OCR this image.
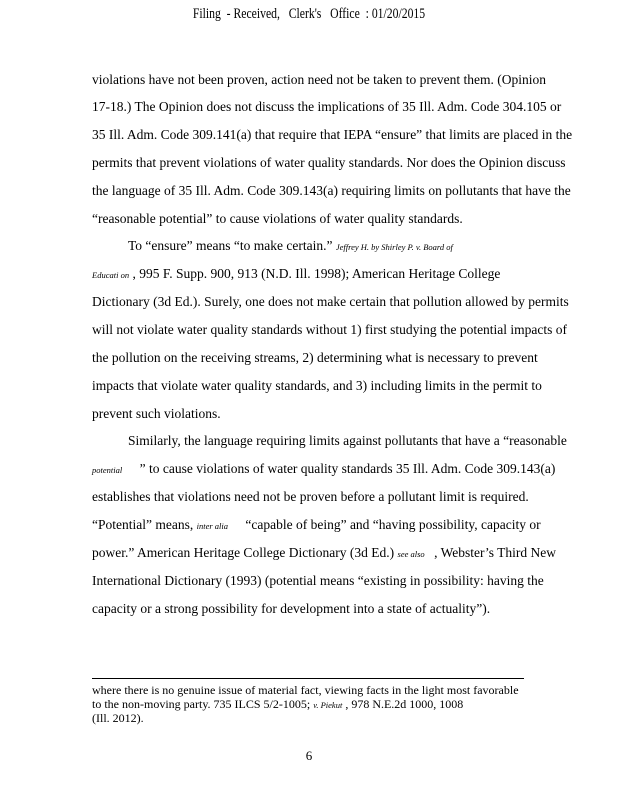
Filing  - Received,   Clerk's   Office  : 01/20/2015
violations have not been proven, action need not be taken to prevent them. (Opinion
17-18.) The Opinion does not discuss the implications of 35 Ill. Adm. Code 304.105 or
35 Ill. Adm. Code 309.141(a) that require that IEPA “ensure” that limits are placed in the
permits that prevent violations of water quality standards. Nor does the Opinion discuss
the language of 35 Ill. Adm. Code 309.143(a) requiring limits on pollutants that have the
“reasonable potential” to cause violations of water quality standards.
To “ensure” means “to make certain.” Jeffrey H. by Shirley P. v. Board of
Educati on , 995 F. Supp. 900, 913 (N.D. Ill. 1998); American Heritage College
Dictionary (3d Ed.). Surely, one does not make certain that pollution allowed by permits
will not violate water quality standards without 1) first studying the potential impacts of
the pollution on the receiving streams, 2) determining what is necessary to prevent
impacts that violate water quality standards, and 3) including limits in the permit to
prevent such violations.
Similarly, the language requiring limits against pollutants that have a “reasonable
potential ” to cause violations of water quality standards 35 Ill. Adm. Code 309.143(a)
establishes that violations need not be proven before a pollutant limit is required.
“Potential” means, inter alia “capable of being” and “having possibility, capacity or
power.” American Heritage College Dictionary (3d Ed.) see also , Webster’s Third New
International Dictionary (1993) (potential means “existing in possibility: having the
capacity or a strong possibility for development into a state of actuality”).
where there is no genuine issue of material fact, viewing facts in the light most favorable
to the non-moving party. 735 ILCS 5/2-1005; v. Piekut , 978 N.E.2d 1000, 1008
(Ill. 2012).
6
